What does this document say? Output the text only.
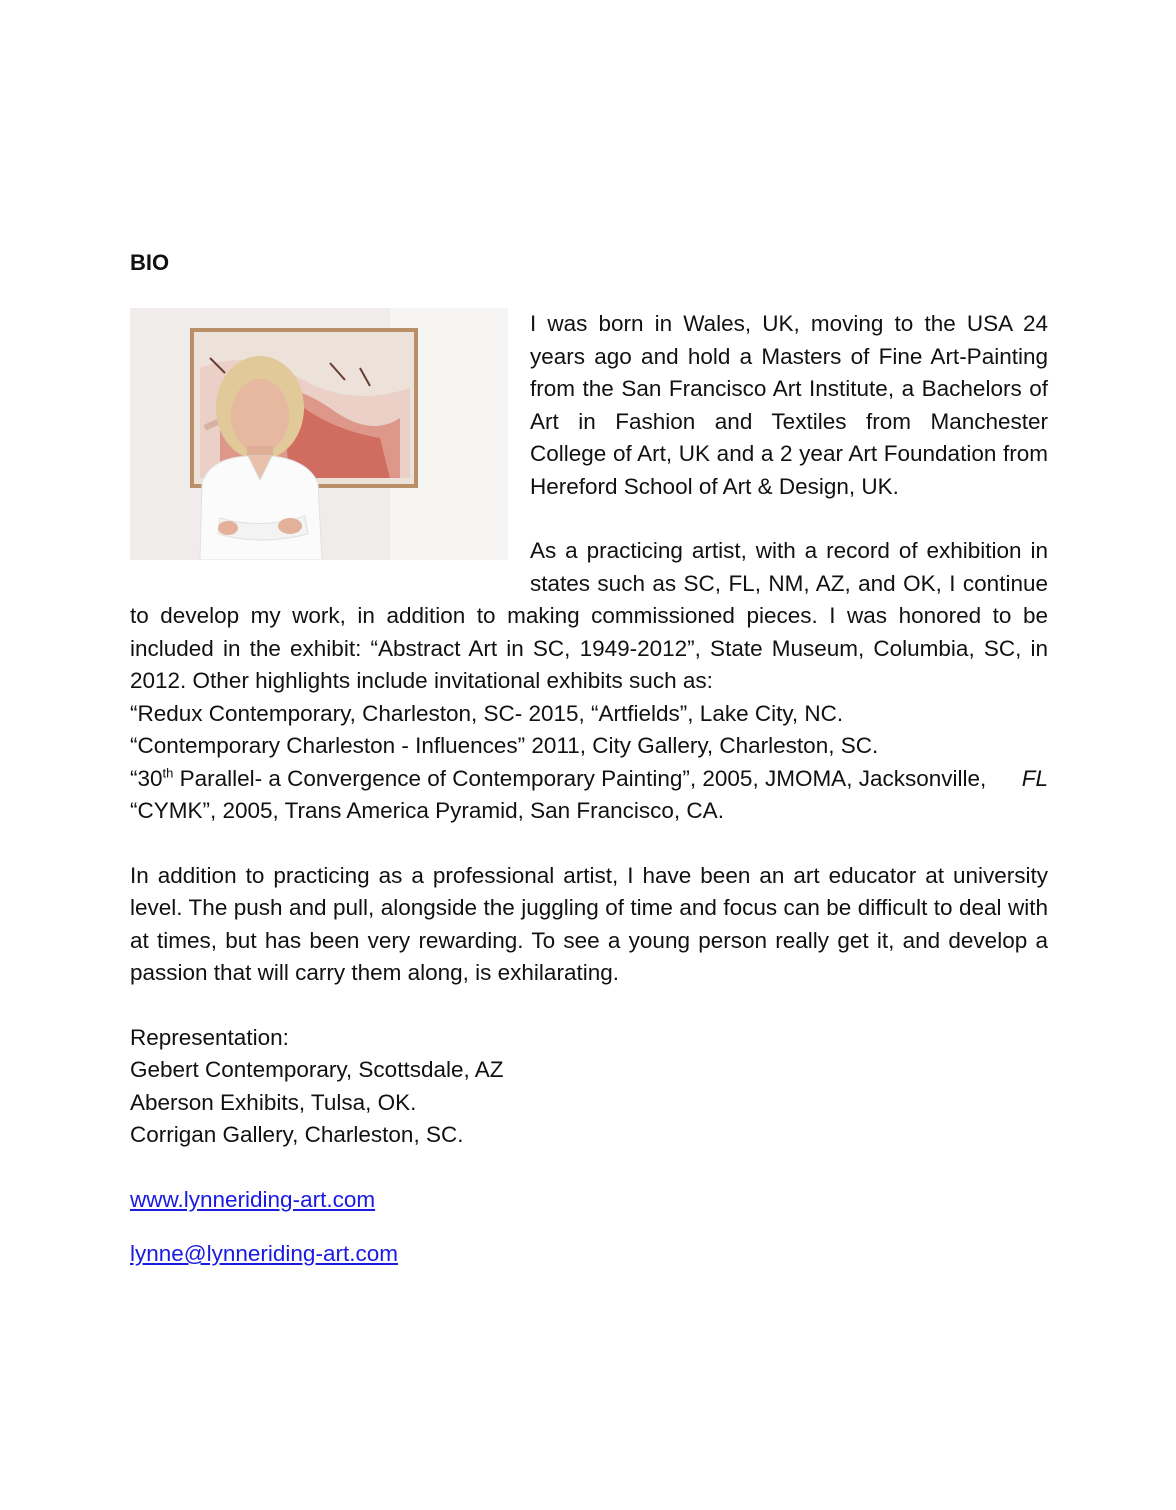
BIO

I was born in Wales, UK, moving to the USA 24 years ago and hold a Masters of Fine Art-Painting from the San Francisco Art Institute, a Bachelors of Art in Fashion and Textiles from Manchester College of Art, UK and a 2 year Art Foundation from Hereford School of Art & Design, UK.

As a practicing artist, with a record of exhibition in states such as SC, FL, NM, AZ, and OK, I continue to develop my work, in addition to making commissioned pieces. I was honored to be included in the exhibit: “Abstract Art in SC, 1949-2012”, State Museum, Columbia, SC, in 2012. Other highlights include invitational exhibits such as:

“Redux Contemporary, Charleston, SC- 2015, “Artfields”, Lake City, NC.
“Contemporary Charleston - Influences” 2011, City Gallery, Charleston, SC.
“30th Parallel- a Convergence of Contemporary Painting”, 2005, JMOMA, Jacksonville, FL
“CYMK”, 2005, Trans America Pyramid, San Francisco, CA.

In addition to practicing as a professional artist, I have been an art educator at university level. The push and pull, alongside the juggling of time and focus can be difficult to deal with at times, but has been very rewarding. To see a young person really get it, and develop a passion that will carry them along, is exhilarating.

Representation:
Gebert Contemporary, Scottsdale, AZ
Aberson Exhibits, Tulsa, OK.
Corrigan Gallery, Charleston, SC.
www.lynneriding-art.com
lynne@lynneriding-art.com
